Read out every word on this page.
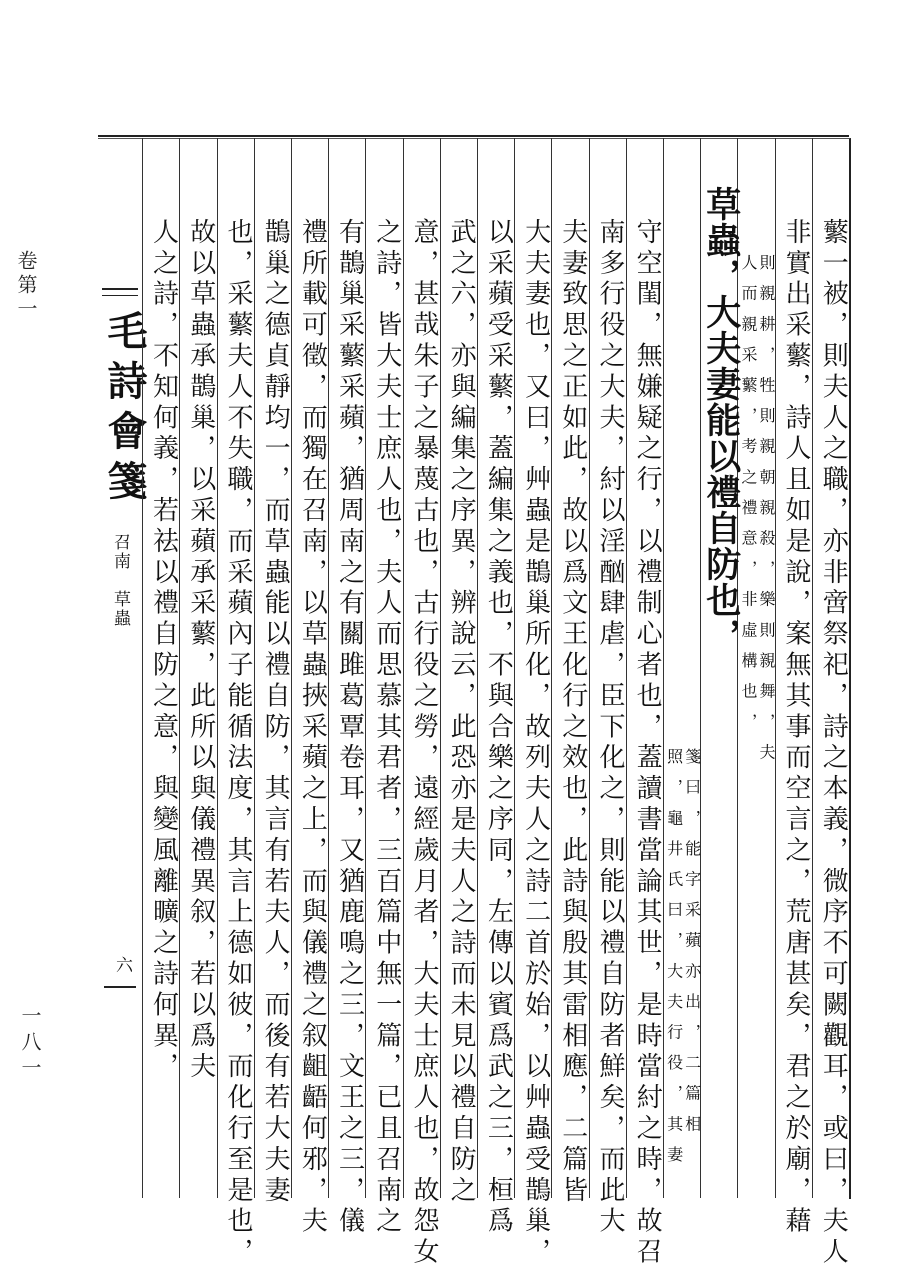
卷第一
一八一
毛詩會箋
召南　草蟲
六	蘩一被，則夫人之職，亦非啻祭祀，詩之本義，微序不可闕觀耳，或曰，夫人
非實出采蘩，詩人且如是說，案無其事而空言之，荒唐甚矣，君之於廟，藉
則親耕，牲則親朝親殺，樂則親舞，夫
人而親采蘩，考之禮意，非虛構也，
草蟲，大夫妻能以禮自防也，
箋曰，能字采蘋亦出，二篇相
照，龜井氏曰，大夫行役，其妻
守空閨，無嫌疑之行，以禮制心者也，蓋讀書當論其世，是時當紂之時，故召
南多行役之大夫，紂以淫酗肆虐，臣下化之，則能以禮自防者鮮矣，而此大
夫妻致思之正如此，故以爲文王化行之效也，此詩與殷其雷相應，二篇皆
大夫妻也，又曰，艸蟲是鵲巢所化，故列夫人之詩二首於始，以艸蟲受鵲巢，
以采蘋受采蘩，蓋編集之義也，不與合樂之序同，左傳以賓爲武之三，桓爲
武之六，亦與編集之序異，辨說云，此恐亦是夫人之詩而未見以禮自防之
意，甚哉朱子之暴蔑古也，古行役之勞，遠經歲月者，大夫士庶人也，故怨女
之詩，皆大夫士庶人也，夫人而思慕其君者，三百篇中無一篇，已且召南之
有鵲巢采蘩采蘋，猶周南之有關雎葛覃卷耳，又猶鹿鳴之三，文王之三，儀
禮所載可徵，而獨在召南，以草蟲挾采蘋之上，而與儀禮之叙齟齬何邪，夫
鵲巢之德貞靜均一，而草蟲能以禮自防，其言有若夫人，而後有若大夫妻
也，采蘩夫人不失職，而采蘋內子能循法度，其言上德如彼，而化行至是也，
故以草蟲承鵲巢，以采蘋承采蘩，此所以與儀禮異叙，若以爲夫
人之詩，不知何義，若祛以禮自防之意，與變風離曠之詩何異，
